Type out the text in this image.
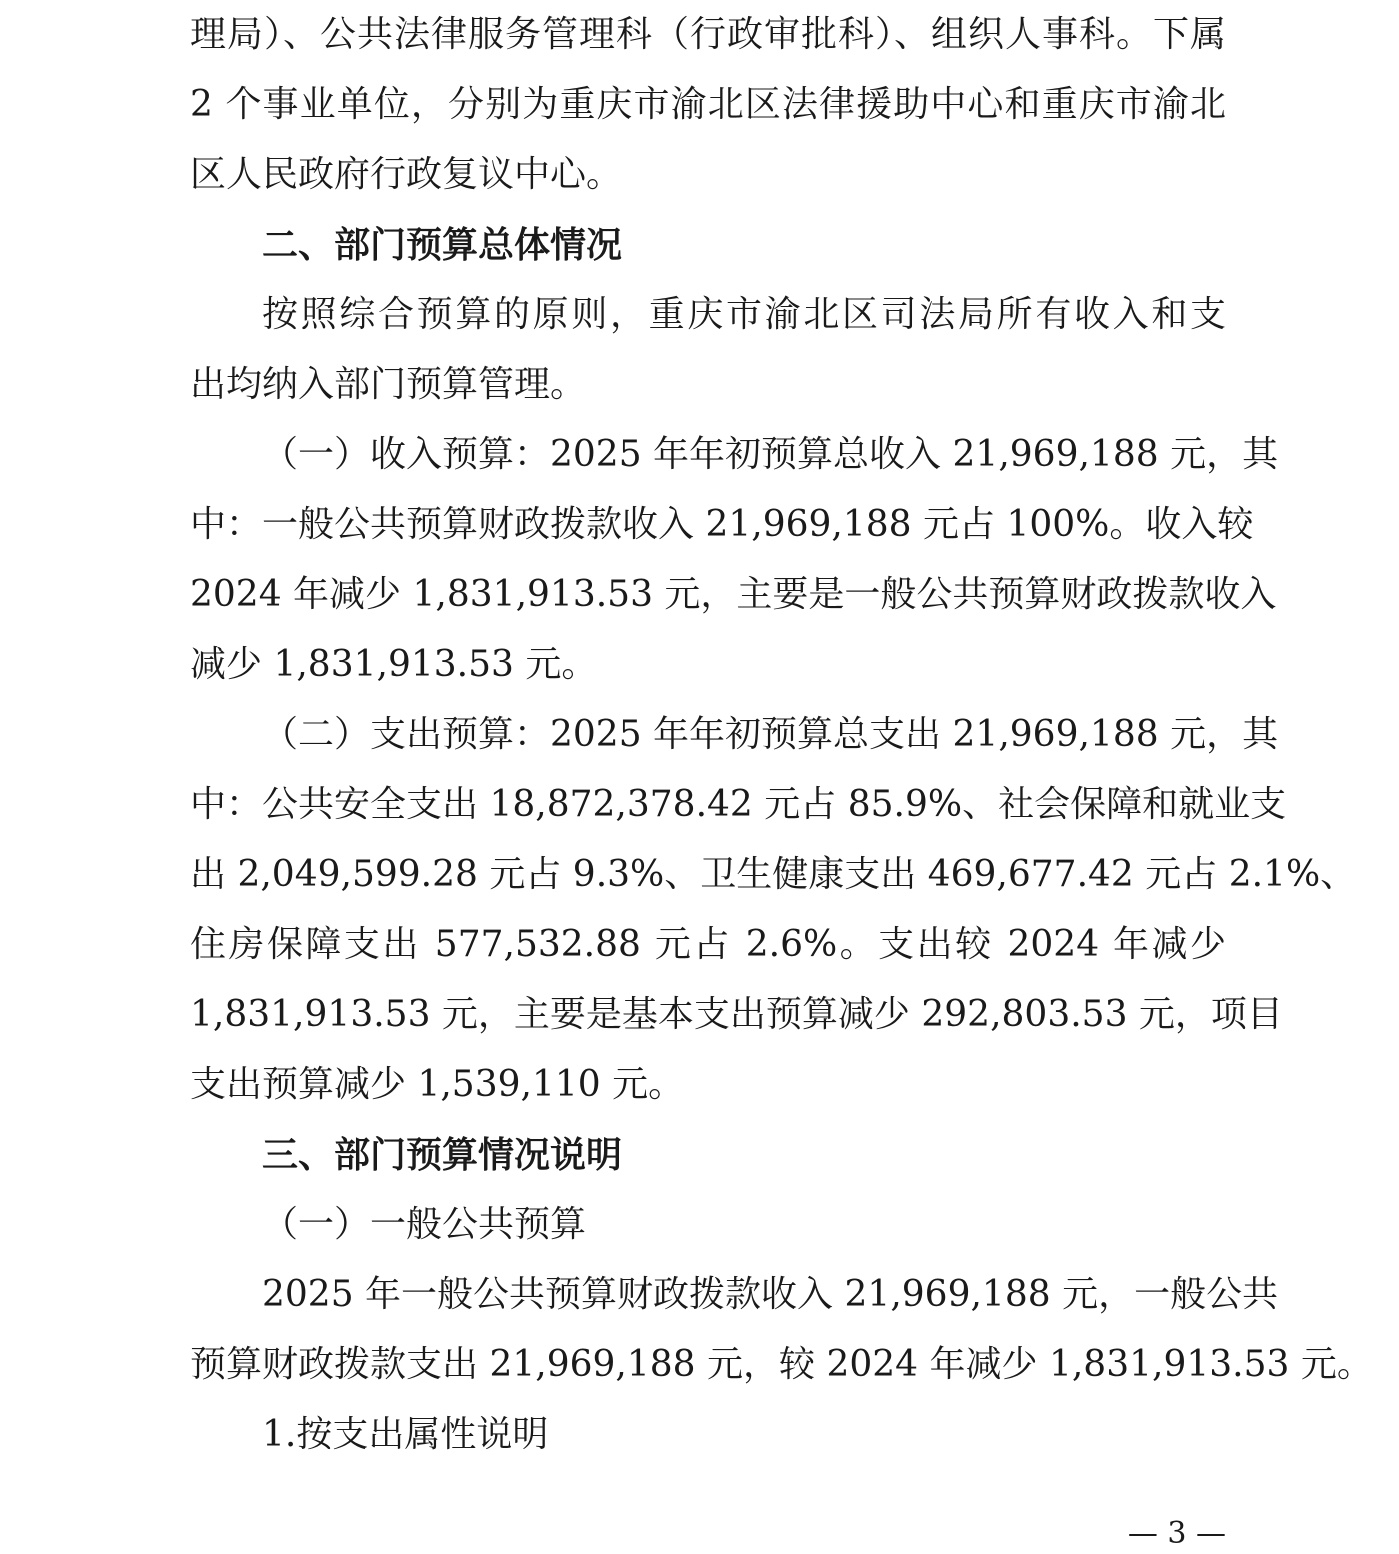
理局）、公共法律服务管理科（行政审批科）、组织人事科。下属
2 个事业单位，分别为重庆市渝北区法律援助中心和重庆市渝北
区人民政府行政复议中心。
二、部门预算总体情况
按照综合预算的原则，重庆市渝北区司法局所有收入和支
出均纳入部门预算管理。
（一）收入预算：2025 年年初预算总收入 21,969,188 元，其
中：一般公共预算财政拨款收入 21,969,188 元占 100%。收入较
2024 年减少 1,831,913.53 元，主要是一般公共预算财政拨款收入
减少 1,831,913.53 元。
（二）支出预算：2025 年年初预算总支出 21,969,188 元，其
中：公共安全支出 18,872,378.42 元占 85.9%、社会保障和就业支
出 2,049,599.28 元占 9.3%、卫生健康支出 469,677.42 元占 2.1%、
住房保障支出 577,532.88 元占 2.6%。支出较 2024 年减少
1,831,913.53 元，主要是基本支出预算减少 292,803.53 元，项目
支出预算减少 1,539,110 元。
三、部门预算情况说明
（一）一般公共预算
2025 年一般公共预算财政拨款收入 21,969,188 元，一般公共
预算财政拨款支出 21,969,188 元，较 2024 年减少 1,831,913.53 元。
1.按支出属性说明
— 3 —
